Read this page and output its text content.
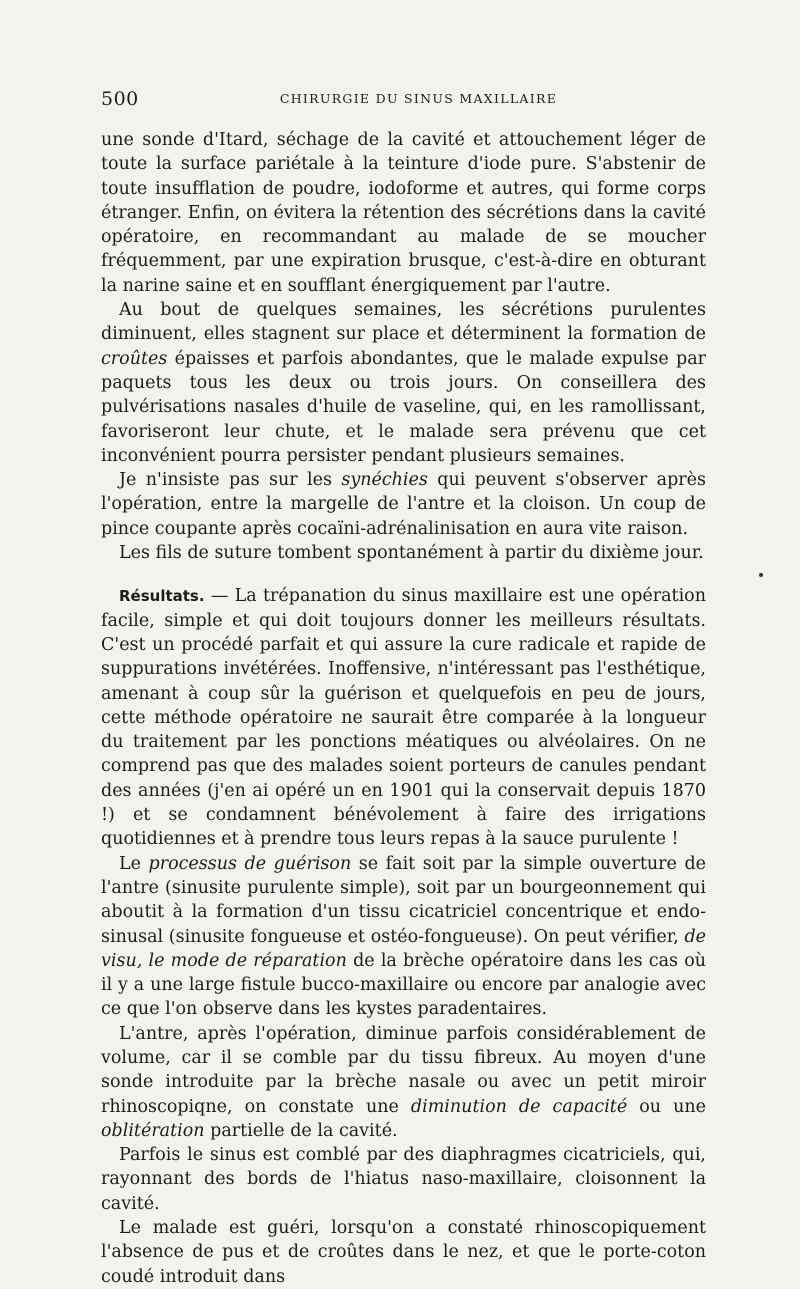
500	CHIRURGIE DU SINUS MAXILLAIRE

une sonde d'Itard, séchage de la cavité et attouchement léger de toute la surface pariétale à la teinture d'iode pure. S'abstenir de toute insufflation de poudre, iodoforme et autres, qui forme corps étranger. Enfin, on évitera la rétention des sécrétions dans la cavité opératoire, en recommandant au malade de se moucher fréquemment, par une expiration brusque, c'est-à-dire en obturant la narine saine et en soufflant énergiquement par l'autre.

Au bout de quelques semaines, les sécrétions purulentes diminuent, elles stagnent sur place et déterminent la formation de croûtes épaisses et parfois abondantes, que le malade expulse par paquets tous les deux ou trois jours. On conseillera des pulvérisations nasales d'huile de vaseline, qui, en les ramollissant, favoriseront leur chute, et le malade sera prévenu que cet inconvénient pourra persister pendant plusieurs semaines.

Je n'insiste pas sur les synéchies qui peuvent s'observer après l'opération, entre la margelle de l'antre et la cloison. Un coup de pince coupante après cocaïni-adrénalinisation en aura vite raison.

Les fils de suture tombent spontanément à partir du dixième jour.

Résultats. — La trépanation du sinus maxillaire est une opération facile, simple et qui doit toujours donner les meilleurs résultats. C'est un procédé parfait et qui assure la cure radicale et rapide de suppurations invétérées. Inoffensive, n'intéressant pas l'esthétique, amenant à coup sûr la guérison et quelquefois en peu de jours, cette méthode opératoire ne saurait être comparée à la longueur du traitement par les ponctions méatiques ou alvéolaires. On ne comprend pas que des malades soient porteurs de canules pendant des années (j'en ai opéré un en 1901 qui la conservait depuis 1870 !) et se condamnent bénévolement à faire des irrigations quotidiennes et à prendre tous leurs repas à la sauce purulente !

Le processus de guérison se fait soit par la simple ouverture de l'antre (sinusite purulente simple), soit par un bourgeonnement qui aboutit à la formation d'un tissu cicatriciel concentrique et endo-sinusal (sinusite fongueuse et ostéo-fongueuse). On peut vérifier, de visu, le mode de réparation de la brèche opératoire dans les cas où il y a une large fistule bucco-maxillaire ou encore par analogie avec ce que l'on observe dans les kystes paradentaires.

L'antre, après l'opération, diminue parfois considérablement de volume, car il se comble par du tissu fibreux. Au moyen d'une sonde introduite par la brèche nasale ou avec un petit miroir rhinoscopiqne, on constate une diminution de capacité ou une oblitération partielle de la cavité.

Parfois le sinus est comblé par des diaphragmes cicatriciels, qui, rayonnant des bords de l'hiatus naso-maxillaire, cloisonnent la cavité.

Le malade est guéri, lorsqu'on a constaté rhinoscopiquement l'absence de pus et de croûtes dans le nez, et que le porte-coton coudé introduit dans
